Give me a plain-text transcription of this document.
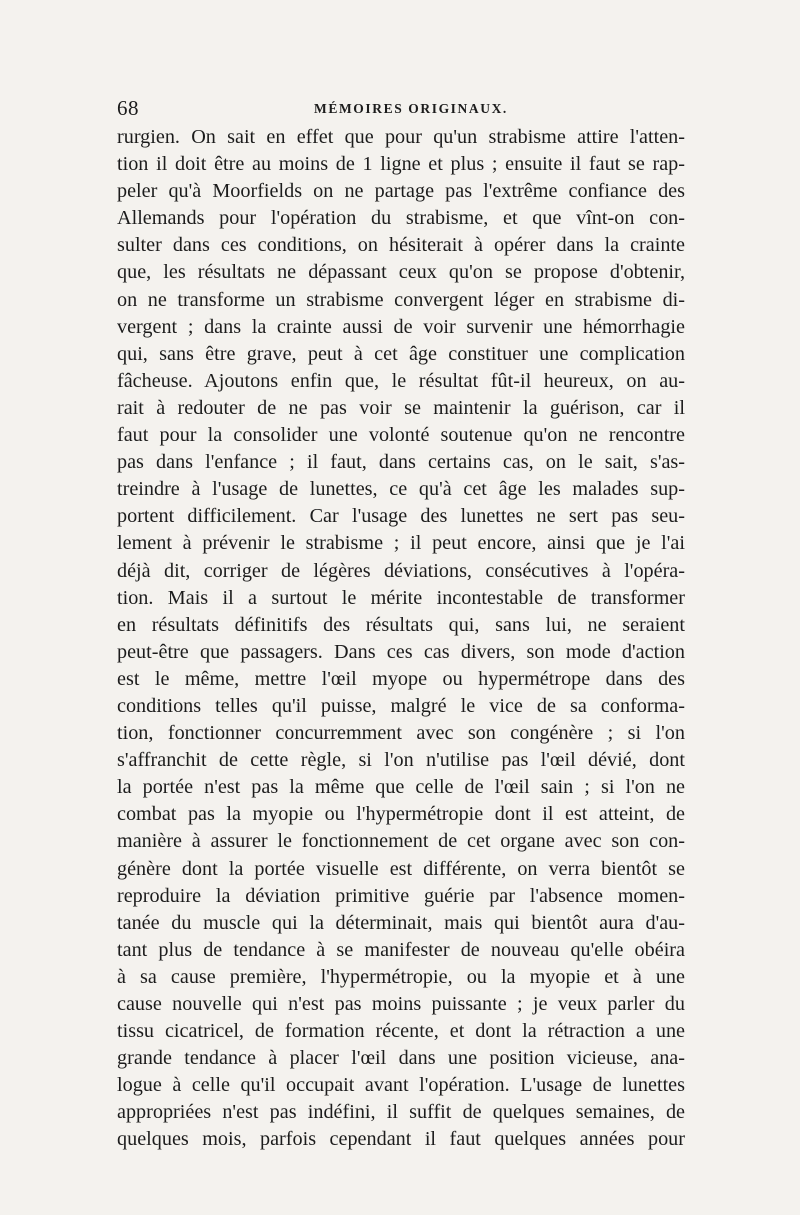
68	MÉMOIRES ORIGINAUX.
rurgien. On sait en effet que pour qu'un strabisme attire l'atten-
tion il doit être au moins de 1 ligne et plus ; ensuite il faut se rap-
peler qu'à Moorfields on ne partage pas l'extrême confiance des
Allemands pour l'opération du strabisme, et que vînt-on con-
sulter dans ces conditions, on hésiterait à opérer dans la crainte
que, les résultats ne dépassant ceux qu'on se propose d'obtenir,
on ne transforme un strabisme convergent léger en strabisme di-
vergent ; dans la crainte aussi de voir survenir une hémorrhagie
qui, sans être grave, peut à cet âge constituer une complication
fâcheuse. Ajoutons enfin que, le résultat fût-il heureux, on au-
rait à redouter de ne pas voir se maintenir la guérison, car il
faut pour la consolider une volonté soutenue qu'on ne rencontre
pas dans l'enfance ; il faut, dans certains cas, on le sait, s'as-
treindre à l'usage de lunettes, ce qu'à cet âge les malades sup-
portent difficilement. Car l'usage des lunettes ne sert pas seu-
lement à prévenir le strabisme ; il peut encore, ainsi que je l'ai
déjà dit, corriger de légères déviations, consécutives à l'opéra-
tion. Mais il a surtout le mérite incontestable de transformer
en résultats définitifs des résultats qui, sans lui, ne seraient
peut-être que passagers. Dans ces cas divers, son mode d'action
est le même, mettre l'œil myope ou hypermétrope dans des
conditions telles qu'il puisse, malgré le vice de sa conforma-
tion, fonctionner concurremment avec son congénère ; si l'on
s'affranchit de cette règle, si l'on n'utilise pas l'œil dévié, dont
la portée n'est pas la même que celle de l'œil sain ; si l'on ne
combat pas la myopie ou l'hypermétropie dont il est atteint, de
manière à assurer le fonctionnement de cet organe avec son con-
génère dont la portée visuelle est différente, on verra bientôt se
reproduire la déviation primitive guérie par l'absence momen-
tanée du muscle qui la déterminait, mais qui bientôt aura d'au-
tant plus de tendance à se manifester de nouveau qu'elle obéira
à sa cause première, l'hypermétropie, ou la myopie et à une
cause nouvelle qui n'est pas moins puissante ; je veux parler du
tissu cicatricel, de formation récente, et dont la rétraction a une
grande tendance à placer l'œil dans une position vicieuse, ana-
logue à celle qu'il occupait avant l'opération. L'usage de lunettes
appropriées n'est pas indéfini, il suffit de quelques semaines, de
quelques mois, parfois cependant il faut quelques années pour
